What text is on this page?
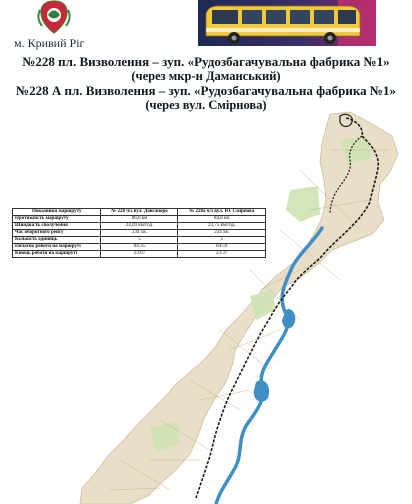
м. Кривий Ріг
№228 пл. Визволення – зуп. «Рудозбагачувальна фабрика №1»
(через мкр-н Даманський)
№228 А пл. Визволення – зуп. «Рудозбагачувальна фабрика №1»
(через вул. Смірнова)
Показники маршруту	№ 228 ч/з вул. Довгапоро	№ 228а ч/з вул. Ю. Смірнова
Протяжність маршруту	86,0 км	84,8 км
Швидкість сполучення	24,09 км/год.	23,75 км/год.
Час оборотного рейсу	234 хв.	234 хв.
Кількість одиниць	5	5
Початок роботи на маршруті	04:35	04:59
Кінець роботи на маршруті	23:07	23:37
